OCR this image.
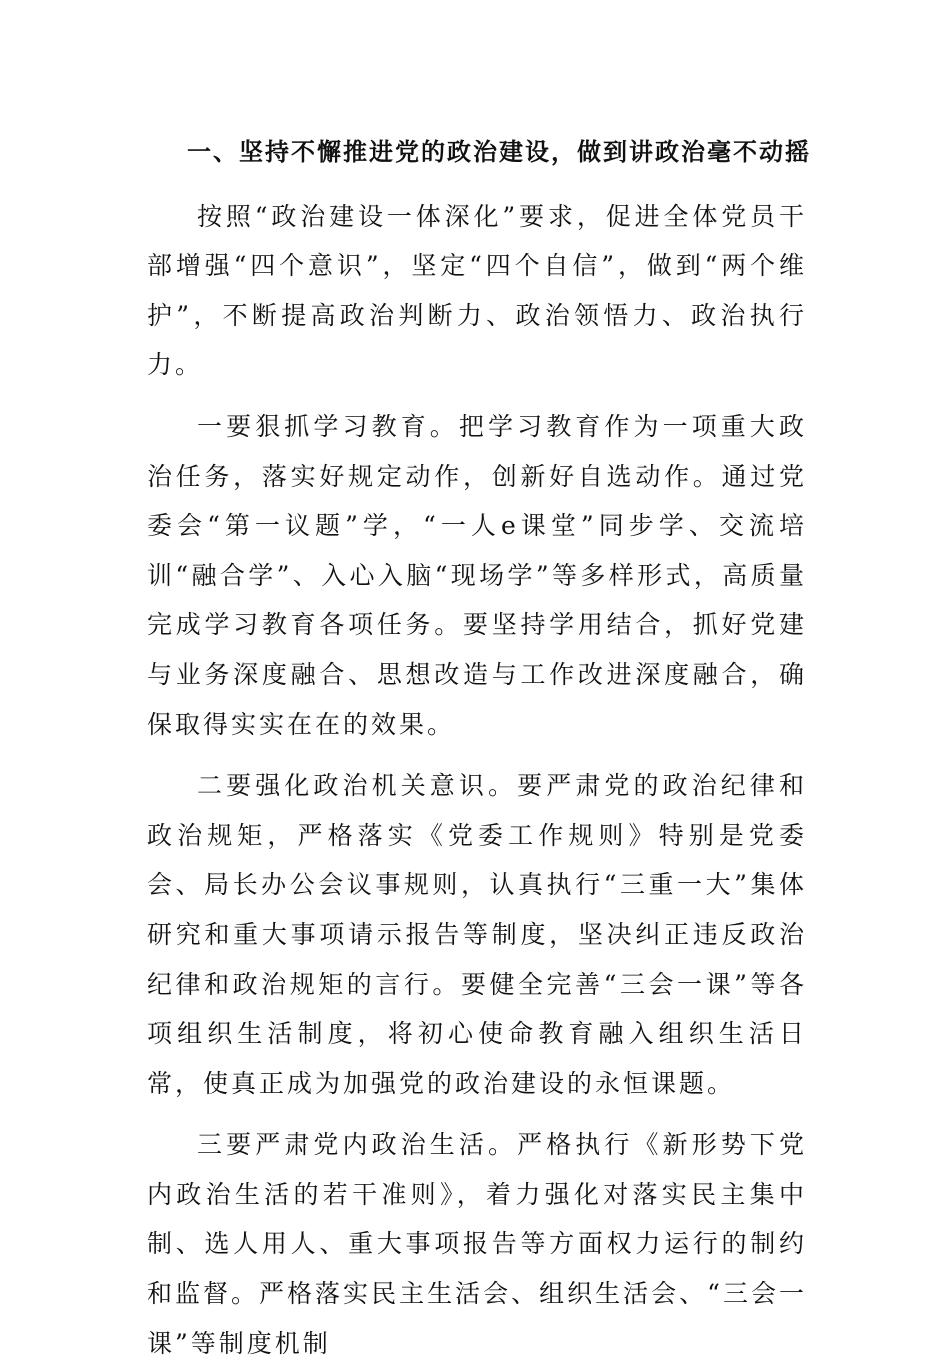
一、坚持不懈推进党的政治建设，做到讲政治毫不动摇

按照“政治建设一体深化”要求，促进全体党员干部增强“四个意识”，坚定“四个自信”，做到“两个维护”，不断提高政治判断力、政治领悟力、政治执行力。

一要狠抓学习教育。把学习教育作为一项重大政治任务，落实好规定动作，创新好自选动作。通过党委会“第一议题”学，“一人e课堂”同步学、交流培训“融合学”、入心入脑“现场学”等多样形式，高质量完成学习教育各项任务。要坚持学用结合，抓好党建与业务深度融合、思想改造与工作改进深度融合，确保取得实实在在的效果。

二要强化政治机关意识。要严肃党的政治纪律和政治规矩，严格落实《党委工作规则》特别是党委会、局长办公会议事规则，认真执行“三重一大”集体研究和重大事项请示报告等制度，坚决纠正违反政治纪律和政治规矩的言行。要健全完善“三会一课”等各项组织生活制度，将初心使命教育融入组织生活日常，使真正成为加强党的政治建设的永恒课题。

三要严肃党内政治生活。严格执行《新形势下党内政治生活的若干准则》，着力强化对落实民主集中制、选人用人、重大事项报告等方面权力运行的制约和监督。严格落实民主生活会、组织生活会、“三会一课”等制度机制
